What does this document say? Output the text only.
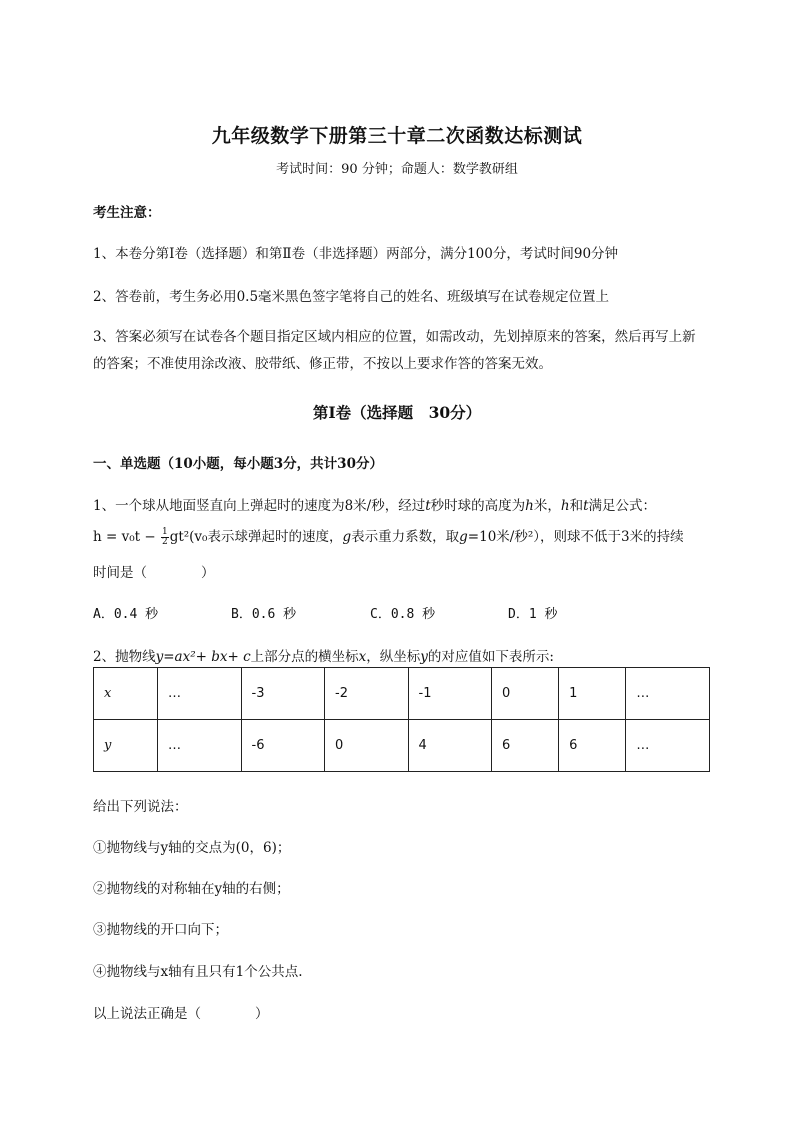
九年级数学下册第三十章二次函数达标测试
考试时间：90 分钟；命题人：数学教研组
考生注意：
1、本卷分第Ⅰ卷（选择题）和第Ⅱ卷（非选择题）两部分，满分100分，考试时间90分钟
2、答卷前，考生务必用0.5毫米黑色签字笔将自己的姓名、班级填写在试卷规定位置上
3、答案必须写在试卷各个题目指定区域内相应的位置，如需改动，先划掉原来的答案，然后再写上新
的答案；不准使用涂改液、胶带纸、修正带，不按以上要求作答的答案无效。
第Ⅰ卷（选择题　30分）
一、单选题（10小题，每小题3分，共计30分）
1、一个球从地面竖直向上弹起时的速度为8米/秒，经过t秒时球的高度为h米，h和t满足公式：
$h = v_0t - \frac{1}{2} gt^2(v_0$表示球弹起时的速度，g表示重力系数，取g=10米/秒²），则球不低于3米的持续
时间是（　　　　）
A．0.4 秒	B．0.6 秒	C．0.8 秒	D．1 秒
2、抛物线y=ax²+ bx+ c上部分点的横坐标x，纵坐标y的对应值如下表所示:
x	…	-3	-2	-1	0	1	…
y	…	-6	0	4	6	6	…
给出下列说法：
①抛物线与y轴的交点为(0，6)；
②抛物线的对称轴在y轴的右侧；
③抛物线的开口向下；
④抛物线与x轴有且只有1个公共点.
以上说法正确是（　　　　）
